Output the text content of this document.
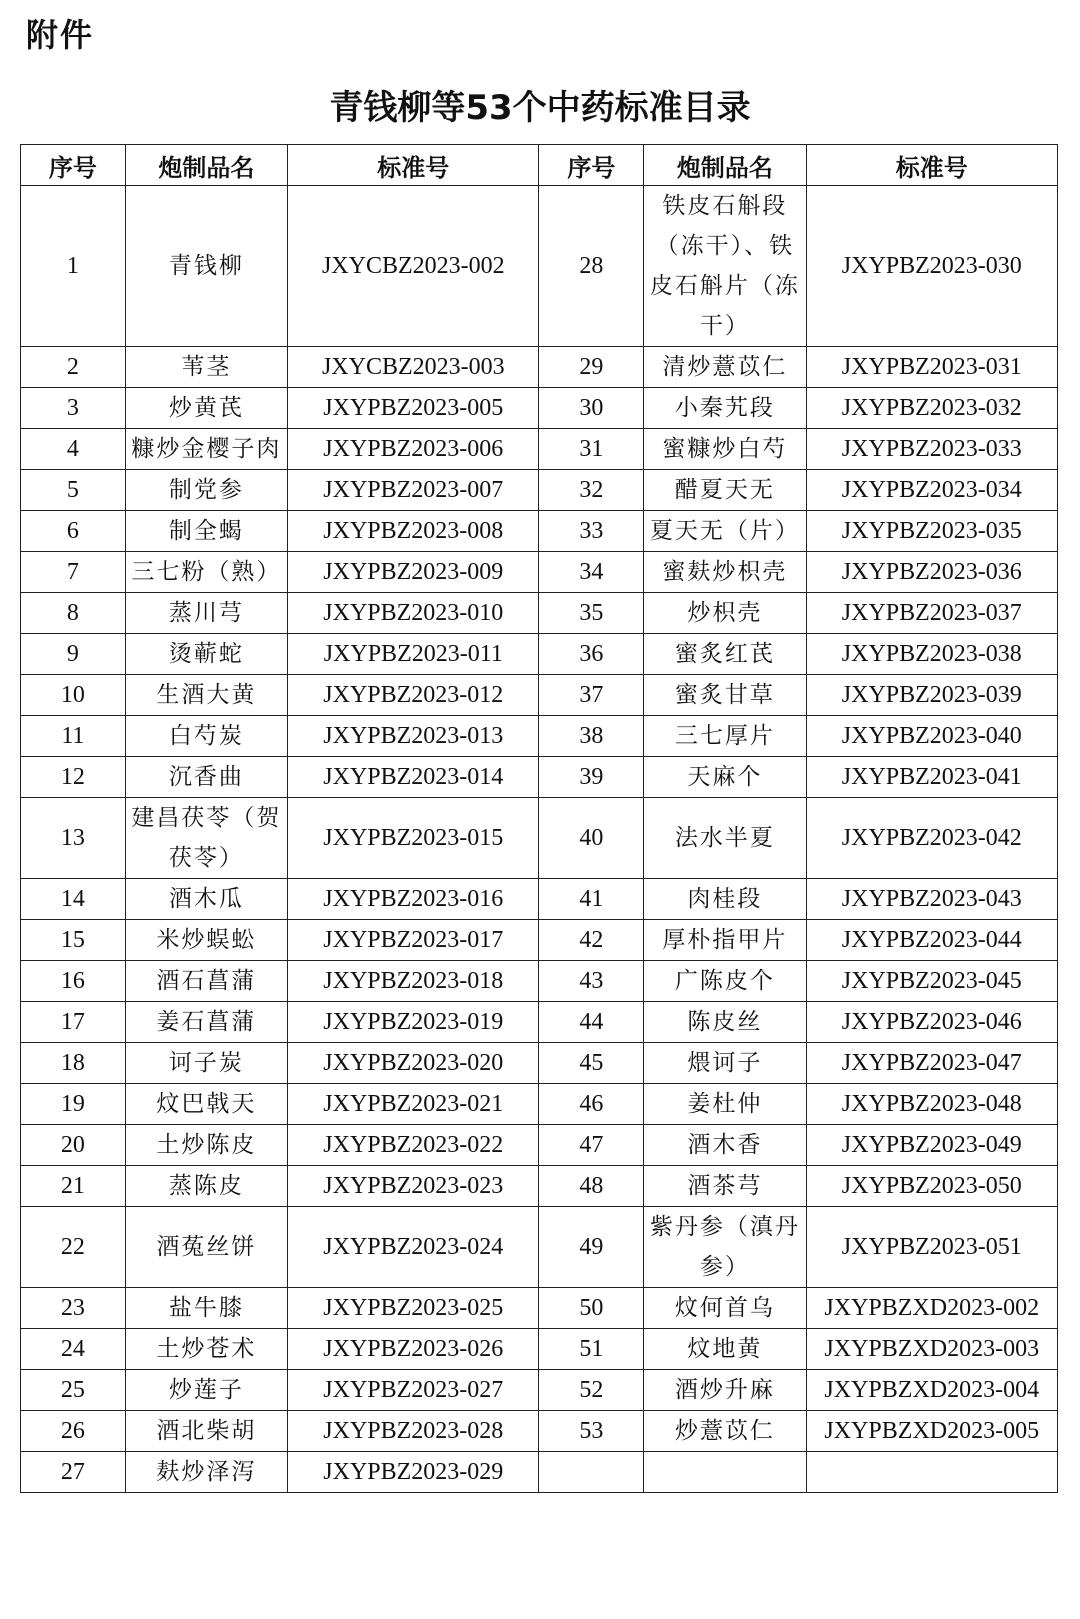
附件
青钱柳等53个中药标准目录
序号	炮制品名	标准号	序号	炮制品名	标准号
1	青钱柳	JXYCBZ2023-002	28	铁皮石斛段（冻干）、铁皮石斛片（冻干）	JXYPBZ2023-030
2	苇茎	JXYCBZ2023-003	29	清炒薏苡仁	JXYPBZ2023-031
3	炒黄芪	JXYPBZ2023-005	30	小秦艽段	JXYPBZ2023-032
4	糠炒金樱子肉	JXYPBZ2023-006	31	蜜糠炒白芍	JXYPBZ2023-033
5	制党参	JXYPBZ2023-007	32	醋夏天无	JXYPBZ2023-034
6	制全蝎	JXYPBZ2023-008	33	夏天无（片）	JXYPBZ2023-035
7	三七粉（熟）	JXYPBZ2023-009	34	蜜麸炒枳壳	JXYPBZ2023-036
8	蒸川芎	JXYPBZ2023-010	35	炒枳壳	JXYPBZ2023-037
9	烫蕲蛇	JXYPBZ2023-011	36	蜜炙红芪	JXYPBZ2023-038
10	生酒大黄	JXYPBZ2023-012	37	蜜炙甘草	JXYPBZ2023-039
11	白芍炭	JXYPBZ2023-013	38	三七厚片	JXYPBZ2023-040
12	沉香曲	JXYPBZ2023-014	39	天麻个	JXYPBZ2023-041
13	建昌茯苓（贺茯苓）	JXYPBZ2023-015	40	法水半夏	JXYPBZ2023-042
14	酒木瓜	JXYPBZ2023-016	41	肉桂段	JXYPBZ2023-043
15	米炒蜈蚣	JXYPBZ2023-017	42	厚朴指甲片	JXYPBZ2023-044
16	酒石菖蒲	JXYPBZ2023-018	43	广陈皮个	JXYPBZ2023-045
17	姜石菖蒲	JXYPBZ2023-019	44	陈皮丝	JXYPBZ2023-046
18	诃子炭	JXYPBZ2023-020	45	煨诃子	JXYPBZ2023-047
19	炆巴戟天	JXYPBZ2023-021	46	姜杜仲	JXYPBZ2023-048
20	土炒陈皮	JXYPBZ2023-022	47	酒木香	JXYPBZ2023-049
21	蒸陈皮	JXYPBZ2023-023	48	酒茶芎	JXYPBZ2023-050
22	酒菟丝饼	JXYPBZ2023-024	49	紫丹参（滇丹参）	JXYPBZ2023-051
23	盐牛膝	JXYPBZ2023-025	50	炆何首乌	JXYPBZXD2023-002
24	土炒苍术	JXYPBZ2023-026	51	炆地黄	JXYPBZXD2023-003
25	炒莲子	JXYPBZ2023-027	52	酒炒升麻	JXYPBZXD2023-004
26	酒北柴胡	JXYPBZ2023-028	53	炒薏苡仁	JXYPBZXD2023-005
27	麸炒泽泻	JXYPBZ2023-029			
